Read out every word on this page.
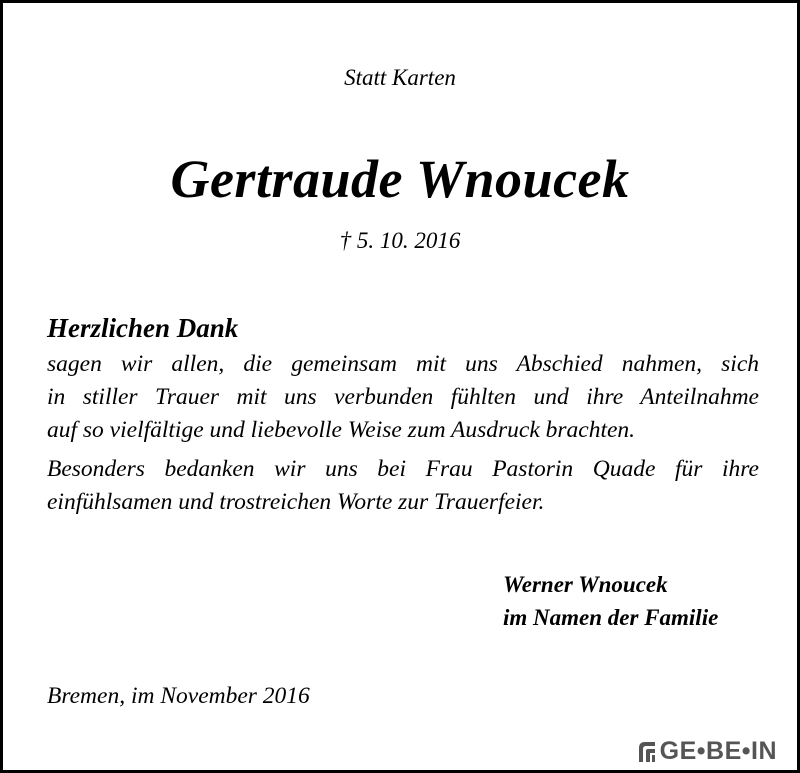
Statt Karten
Gertraude Wnoucek
† 5. 10. 2016
Herzlichen Dank
sagen wir allen, die gemeinsam mit uns Abschied nahmen, sich
in stiller Trauer mit uns verbunden fühlten und ihre Anteilnahme
auf so vielfältige und liebevolle Weise zum Ausdruck brachten.
Besonders bedanken wir uns bei Frau Pastorin Quade für ihre
einfühlsamen und trostreichen Worte zur Trauerfeier.
Werner Wnoucek
im Namen der Familie
Bremen, im November 2016
GE•BE•IN
